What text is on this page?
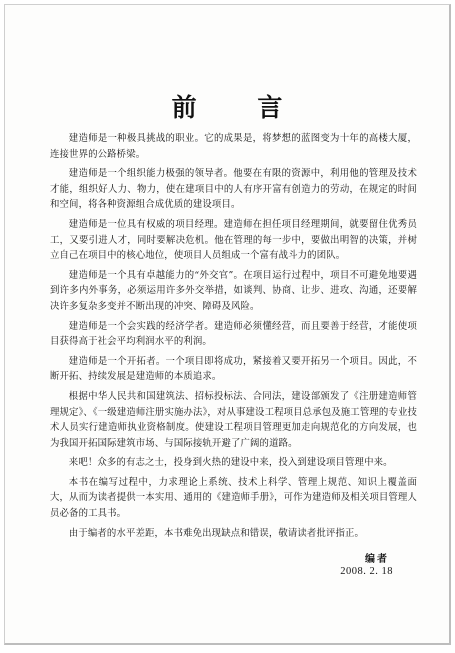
前 言

建造师是一种极具挑战的职业。它的成果是，将梦想的蓝图变为十年的高楼大厦，连接世界的公路桥梁。

建造师是一个组织能力极强的领导者。他要在有限的资源中，利用他的管理及技术才能，组织好人力、物力，使在建项目中的人有序开富有创造力的劳动，在规定的时间和空间，将各种资源组合成优质的建设项目。

建造师是一位具有权威的项目经理。建造师在担任项目经理期间，就要留住优秀员工，又要引进人才，同时要解决危机。他在管理的每一步中，要做出明智的决策，并树立自己在项目中的核心地位，使项目人员组成一个富有战斗力的团队。

建造师是一个具有卓越能力的“外交官”。在项目运行过程中，项目不可避免地要遇到许多内外事务，必须运用许多外交举措，如谈判、协商、让步、进攻、沟通，还要解决许多复杂多变并不断出现的冲突、障碍及风险。

建造师是一个会实践的经济学者。建造师必须懂经营，而且要善于经营，才能使项目获得高于社会平均利润水平的利润。

建造师是一个开拓者。一个项目即将成功，紧接着又要开拓另一个项目。因此，不断开拓、持续发展是建造师的本质追求。

根据中华人民共和国建筑法、招标投标法、合同法，建设部颁发了《注册建造师管理规定》、《一级建造师注册实施办法》，对从事建设工程项目总承包及施工管理的专业技术人员实行建造师执业资格制度。使建设工程项目管理更加走向规范化的方向发展，也为我国开拓国际建筑市场、与国际接轨开避了广阔的道路。

来吧！众多的有志之士，投身到火热的建设中来，投入到建设项目管理中来。

本书在编写过程中，力求理论上系统、技术上科学、管理上规范、知识上覆盖面大，从而为读者提供一本实用、通用的《建造师手册》，可作为建造师及相关项目管理人员必备的工具书。

由于编者的水平差距，本书难免出现缺点和错误，敬请读者批评指正。

编者
2008. 2. 18
